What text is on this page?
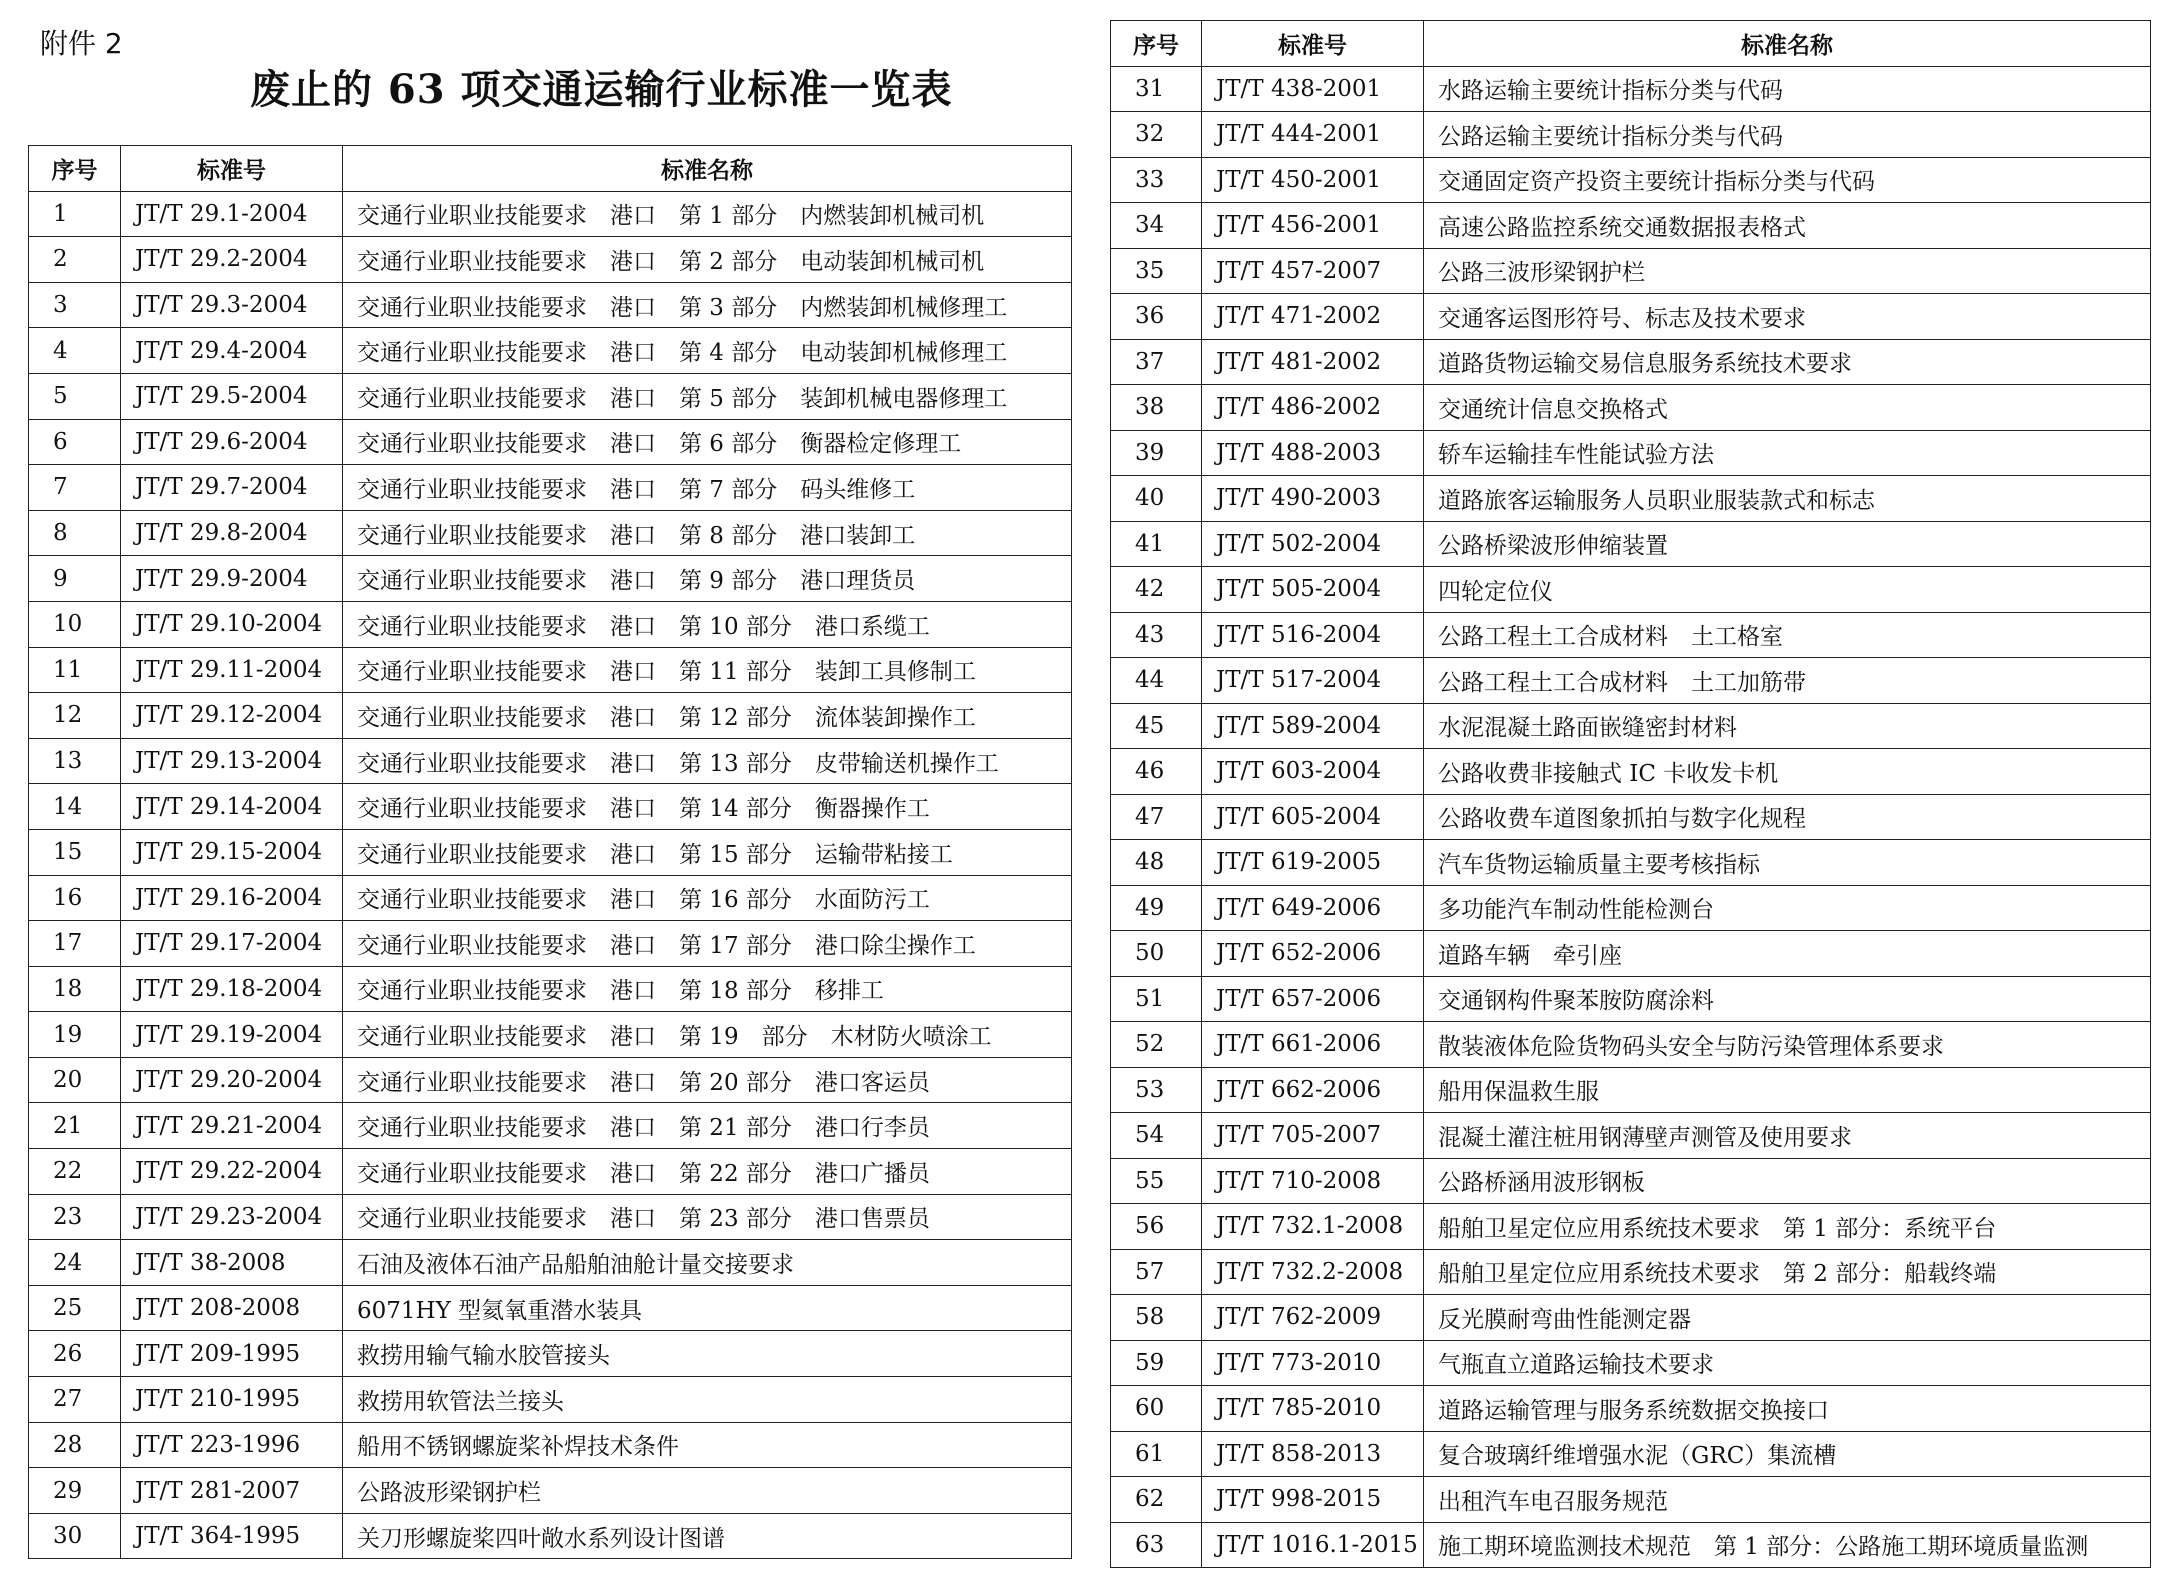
附件 2
废止的 63 项交通运输行业标准一览表
序号	标准号	标准名称
1	JT/T 29.1-2004	交通行业职业技能要求　港口　第 1 部分　内燃装卸机械司机
2	JT/T 29.2-2004	交通行业职业技能要求　港口　第 2 部分　电动装卸机械司机
3	JT/T 29.3-2004	交通行业职业技能要求　港口　第 3 部分　内燃装卸机械修理工
4	JT/T 29.4-2004	交通行业职业技能要求　港口　第 4 部分　电动装卸机械修理工
5	JT/T 29.5-2004	交通行业职业技能要求　港口　第 5 部分　装卸机械电器修理工
6	JT/T 29.6-2004	交通行业职业技能要求　港口　第 6 部分　衡器检定修理工
7	JT/T 29.7-2004	交通行业职业技能要求　港口　第 7 部分　码头维修工
8	JT/T 29.8-2004	交通行业职业技能要求　港口　第 8 部分　港口装卸工
9	JT/T 29.9-2004	交通行业职业技能要求　港口　第 9 部分　港口理货员
10	JT/T 29.10-2004	交通行业职业技能要求　港口　第 10 部分　港口系缆工
11	JT/T 29.11-2004	交通行业职业技能要求　港口　第 11 部分　装卸工具修制工
12	JT/T 29.12-2004	交通行业职业技能要求　港口　第 12 部分　流体装卸操作工
13	JT/T 29.13-2004	交通行业职业技能要求　港口　第 13 部分　皮带输送机操作工
14	JT/T 29.14-2004	交通行业职业技能要求　港口　第 14 部分　衡器操作工
15	JT/T 29.15-2004	交通行业职业技能要求　港口　第 15 部分　运输带粘接工
16	JT/T 29.16-2004	交通行业职业技能要求　港口　第 16 部分　水面防污工
17	JT/T 29.17-2004	交通行业职业技能要求　港口　第 17 部分　港口除尘操作工
18	JT/T 29.18-2004	交通行业职业技能要求　港口　第 18 部分　移排工
19	JT/T 29.19-2004	交通行业职业技能要求　港口　第 19　部分　木材防火喷涂工
20	JT/T 29.20-2004	交通行业职业技能要求　港口　第 20 部分　港口客运员
21	JT/T 29.21-2004	交通行业职业技能要求　港口　第 21 部分　港口行李员
22	JT/T 29.22-2004	交通行业职业技能要求　港口　第 22 部分　港口广播员
23	JT/T 29.23-2004	交通行业职业技能要求　港口　第 23 部分　港口售票员
24	JT/T 38-2008	石油及液体石油产品船舶油舱计量交接要求
25	JT/T 208-2008	6071HY 型氦氧重潜水装具
26	JT/T 209-1995	救捞用输气输水胶管接头
27	JT/T 210-1995	救捞用软管法兰接头
28	JT/T 223-1996	船用不锈钢螺旋桨补焊技术条件
29	JT/T 281-2007	公路波形梁钢护栏
30	JT/T 364-1995	关刀形螺旋桨四叶敞水系列设计图谱
序号	标准号	标准名称
31	JT/T 438-2001	水路运输主要统计指标分类与代码
32	JT/T 444-2001	公路运输主要统计指标分类与代码
33	JT/T 450-2001	交通固定资产投资主要统计指标分类与代码
34	JT/T 456-2001	高速公路监控系统交通数据报表格式
35	JT/T 457-2007	公路三波形梁钢护栏
36	JT/T 471-2002	交通客运图形符号、标志及技术要求
37	JT/T 481-2002	道路货物运输交易信息服务系统技术要求
38	JT/T 486-2002	交通统计信息交换格式
39	JT/T 488-2003	轿车运输挂车性能试验方法
40	JT/T 490-2003	道路旅客运输服务人员职业服装款式和标志
41	JT/T 502-2004	公路桥梁波形伸缩装置
42	JT/T 505-2004	四轮定位仪
43	JT/T 516-2004	公路工程土工合成材料　土工格室
44	JT/T 517-2004	公路工程土工合成材料　土工加筋带
45	JT/T 589-2004	水泥混凝土路面嵌缝密封材料
46	JT/T 603-2004	公路收费非接触式 IC 卡收发卡机
47	JT/T 605-2004	公路收费车道图象抓拍与数字化规程
48	JT/T 619-2005	汽车货物运输质量主要考核指标
49	JT/T 649-2006	多功能汽车制动性能检测台
50	JT/T 652-2006	道路车辆　牵引座
51	JT/T 657-2006	交通钢构件聚苯胺防腐涂料
52	JT/T 661-2006	散装液体危险货物码头安全与防污染管理体系要求
53	JT/T 662-2006	船用保温救生服
54	JT/T 705-2007	混凝土灌注桩用钢薄壁声测管及使用要求
55	JT/T 710-2008	公路桥涵用波形钢板
56	JT/T 732.1-2008	船舶卫星定位应用系统技术要求　第 1 部分：系统平台
57	JT/T 732.2-2008	船舶卫星定位应用系统技术要求　第 2 部分：船载终端
58	JT/T 762-2009	反光膜耐弯曲性能测定器
59	JT/T 773-2010	气瓶直立道路运输技术要求
60	JT/T 785-2010	道路运输管理与服务系统数据交换接口
61	JT/T 858-2013	复合玻璃纤维增强水泥（GRC）集流槽
62	JT/T 998-2015	出租汽车电召服务规范
63	JT/T 1016.1-2015	施工期环境监测技术规范　第 1 部分：公路施工期环境质量监测
